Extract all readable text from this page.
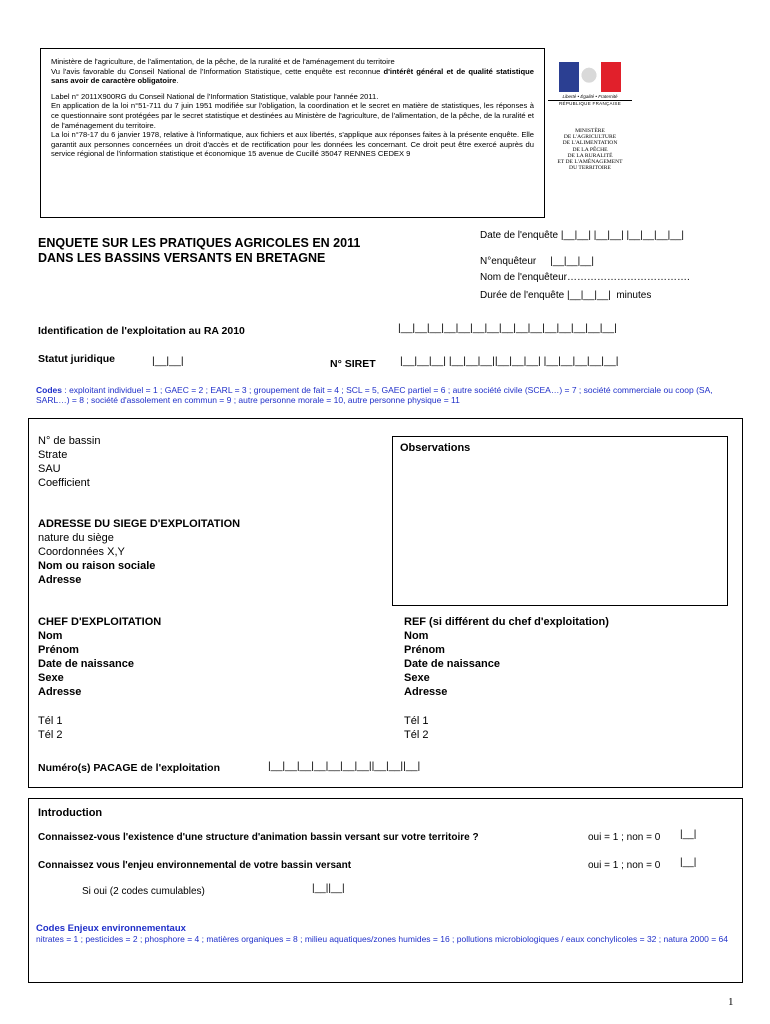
Ministère de l'agriculture, de l'alimentation, de la pêche, de la ruralité et de l'aménagement du territoire
Vu l'avis favorable du Conseil National de l'Information Statistique, cette enquête est reconnue d'intérêt général et de qualité statistique sans avoir de caractère obligatoire.

Label n° 2011X900RG du Conseil National de l'Information Statistique, valable pour l'année 2011.

En application de la loi n°51-711 du 7 juin 1951 modifiée sur l'obligation, la coordination et le secret en matière de statistiques, les réponses à ce questionnaire sont protégées par le secret statistique et destinées au Ministère de l'agriculture, de l'alimentation, de la pêche, de la ruralité et de l'aménagement du territoire.

La loi n°78-17 du 6 janvier 1978, relative à l'informatique, aux fichiers et aux libertés, s'applique aux réponses faites à la présente enquête. Elle garantit aux personnes concernées un droit d'accès et de rectification pour les données les concernant. Ce droit peut être exercé auprès du service régional de l'information statistique et économique 15 avenue de Cucillé 35047 RENNES CEDEX 9

Liberté • Égalité • Fraternité
RÉPUBLIQUE FRANÇAISE
MINISTÈRE
DE L'AGRICULTURE
DE L'ALIMENTATION
DE LA PÊCHE
DE LA RURALITÉ
ET DE L'AMÉNAGEMENT
DU TERRITOIRE
ENQUETE SUR LES PRATIQUES AGRICOLES EN 2011
DANS LES BASSINS VERSANTS EN BRETAGNE
Date de l'enquête |__|__| |__|__| |__|__|__|__|
N°enquêteur |__|__|__|
Nom de l'enquêteur……………………………….
Durée de l'enquête |__|__|__| minutes
Identification de l'exploitation au RA 2010	|__|__|__|__|__|__|__|__|__|__|__|__|__|__|__|
Statut juridique	|__|__|	N° SIRET |__|__|__| |__|__|__||__|__|__| |__|__|__|__|__|
Codes : exploitant individuel = 1 ; GAEC = 2 ; EARL = 3 ; groupement de fait = 4 ; SCL = 5, GAEC partiel = 6 ; autre société civile (SCEA…) = 7 ; société commerciale ou coop (SA, SARL…) = 8 ; société d'assolement en commun = 9 ; autre personne morale = 10, autre personne physique = 11
N° de bassin
Strate
SAU
Coefficient
Observations
ADRESSE DU SIEGE D'EXPLOITATION
nature du siège
Coordonnées X,Y
Nom ou raison sociale
Adresse
CHEF D'EXPLOITATION
Nom
Prénom
Date de naissance
Sexe
Adresse
Tél 1
Tél 2
REF (si différent du chef d'exploitation)
Nom
Prénom
Date de naissance
Sexe
Adresse
Tél 1
Tél 2
Numéro(s) PACAGE de l'exploitation	|__|__|__|__|__|__|__||__|__||__|
Introduction
Connaissez-vous l'existence d'une structure d'animation bassin versant sur votre territoire ?	oui = 1 ; non = 0 |__|
Connaissez vous l'enjeu environnemental de votre bassin versant	oui = 1 ; non = 0 |__|
Si oui (2 codes cumulables)	|__||__|
Codes Enjeux environnementaux
nitrates = 1 ; pesticides = 2 ; phosphore = 4 ; matières organiques = 8 ; milieu aquatiques/zones humides = 16 ; pollutions microbiologiques / eaux conchylicoles = 32 ; natura 2000 = 64
1
